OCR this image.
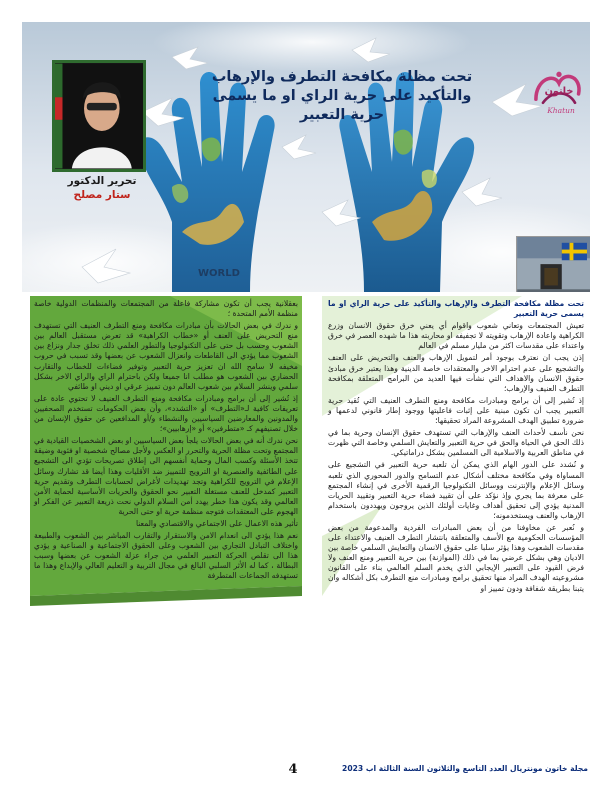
WORLD
تحرير الدكتور
ستار مصلح
تحت مظلة مكافحة التطرف والإرهاب
والتأكيد على حرية الراي او ما يسمى
حرية التعبير
خاتون
Khatun

تحت مظلة مكافحة التطرف والإرهاب والتأكيد على حرية الراي او ما يسمى حرية التعبير

تعيش المجتمعات وتعاني شعوب واقوام أي يعني خرق حقوق الانسان وزرع الكراهية واعادة الإرهاب وتقويته لا تجفيفه او محاربته هذا ما شهده العصر في خرق واعتداء على مقدسات اكثر من مليار مسلم في العالم

إذن يجب ان نعترف بوجود أمر لتمويل الإرهاب والعنف والتحريض على العنف والتشجيع على عدم احترام الاخر والمعتقدات خاصة الدينية وهذا يعتبر خرق مبادئ حقوق الانسان والاهداف التي نشأت فيها العديد من البرامج المتعلقة بمكافحة التطرف العنيف والإرهاب؛

إذ تُشير إلى أن برامج ومبادرات مكافحة ومنع التطرف العنيف التي تُقيد حرية التعبير يجب أن تكون مبنية على إثبات فاعليتها ووجود إطار قانوني لدعمها و ضرورة تطبيق الهدف المشروعة المراد تحقيقها؛

نحن نأسف لأحداث العنف والإرهاب التي تستهدف حقوق الإنسان وحرية بما في ذلك الحق في الحياة والحق في حرية التعبير والتعايش السلمي وخاصة التي ظهرت في مناطق العربية والاسلامية الى المسلمين بشكل دراماتيكي.

و نُشدد على الدور الهام الذي يمكن أن تلعبه حرية التعبير في التشجيع على المساواة وفي مكافحة مختلف أشكال عدم التسامح والدور المحوري الذي تلعبه وسائل الإعلام والإنترنت ووسائل التكنولوجيا الرقمية الأخرى في إنشاء المجتمع على معرفة بما يجري وإذ نؤكد على أن تقييد فضاء حرية التعبير وتقييد الحريات المدنية يؤدي إلى تحقيق أهداف وغايات أولئك الذين يروجون ويهددون باستخدام الإرهاب والعنف ويستخدمونه؛

و نُعبر عن مخاوفنا من أن بعض المبادرات الفردية والمدعومة من بعض المؤسسات الحكومية مع الأسف والمتعلقة بانتشار التطرف العنيف والاعتداء على مقدسات الشعوب وهذا يؤثر سلبا على حقوق الانسان والتعايش السلمي خاصة بين الاديان وهي بشكل عرضي بما في ذلك (الموازنة) بين حرية التعبير ومنع العنف ولا فرض القيود على التعبير الإيجابي الذي يخدم السلم العالمي بناء على القانون مشروعيته الهدف المراد منها تحقيق برامج ومبادرات منع التطرف بكل أشكاله وان يتبنا بطريقة شفافة ودون تمييز او

بعقلانية يجب أن تكون مشاركة فاعلة من المجتمعات والمنظمات الدولية خاصة منظمة الأمم المتحدة ؛

و ندرك في بعض الحالات بأن مبادرات مكافحة ومنع التطرف العنيف التي تستهدف منع التحريض على العنف أو «خطاب الكراهية» قد تعرض مستقبل العالم بين الشعوب وحسب بل حتى على التكنولوجيا والتطور العلمي ذلك تخلق جدار ونزاع بين الشعوب مما يؤدي الى القاطعات وانعزال الشعوب عن بعضها وقد تسبب في حروب مخيفه لا سامح الله ان تعزيز حرية التعبير وتوفير فضاءات للخطاب والتقارب الحضاري بين الشعوب هو مطلب انا جميعا ولكن باحترام الراي والراي الاخر بشكل سلمي وينشر السلام بين شعوب العالم دون تمييز عرقي او ديني او طائفي

إذ تُشير إلى أن برامج ومبادرات مكافحة ومنع التطرف العنيف لا تحتوي عادة على تعريفات كافية لـ«التطرف» أو «التشدد»، وأن بعض الحكومات تستخدم الصحفيين والمدونين والمعارضين السياسيين والنشطاء و/أو المدافعين عن حقوق الإنسان من خلال تصنيفهم كـ «متطرفين» أو «إرهابيين»؛

نحن ندرك أنه في بعض الحالات يلجأ بعض السياسيين او بعض الشخصيات القيادية في المجتمع وتحت مظلة الحرية والتحرر او العكس ولأجل مصالح شخصية او فئوية وضيقة تتخذ الأسئلة وكسب المال وحماية أنفسهم الى إطلاق تصريحات تؤدي الى التشجيع على الطائفية والعنصرية او الترويج للتمييز ضد الأقليات وهذا أيضا قد تشارك وسائل الإعلام في الترويج للكراهية وتجد تهديدات لأغراض لحسابات التطرف وتقديم حرية التعبير كمدخل للعنف مستغلة التعبير نحو الحقوق والحريات الأساسية لحماية الأمن العالمي وقد يكون هذا خطر يهدد أمن السلام الدولي نحت ذريعة التعبير عن الفكر او الهجوم على المعتقدات فتوجه منظمة حرية او حتى الحرية

تأثير هذه الاعمال على الاجتماعي والاقتصادي والمعنا

نعم هذا يؤدي الى انعدام الامن والاستقرار والتقارب المباشر بين الشعوب والطبيعة واختلاف التبادل التجاري بين الشعوب وعلى الحقوق الاجتماعية و الصناعية و يؤدي هذا الى تقلص الحركة التعبير العلمي من جراء عزلة الشعوب عن بعضها وسبب البطالة ، كما له الأثر السلبي البالغ في مجال التربية و التعليم العالي والإبداع وهذا ما تستهدفه الجماعات المتطرفة

4	مجلة خاتون مونتريال العدد التاسع والثلاثون السنة الثالثة اب 2023
